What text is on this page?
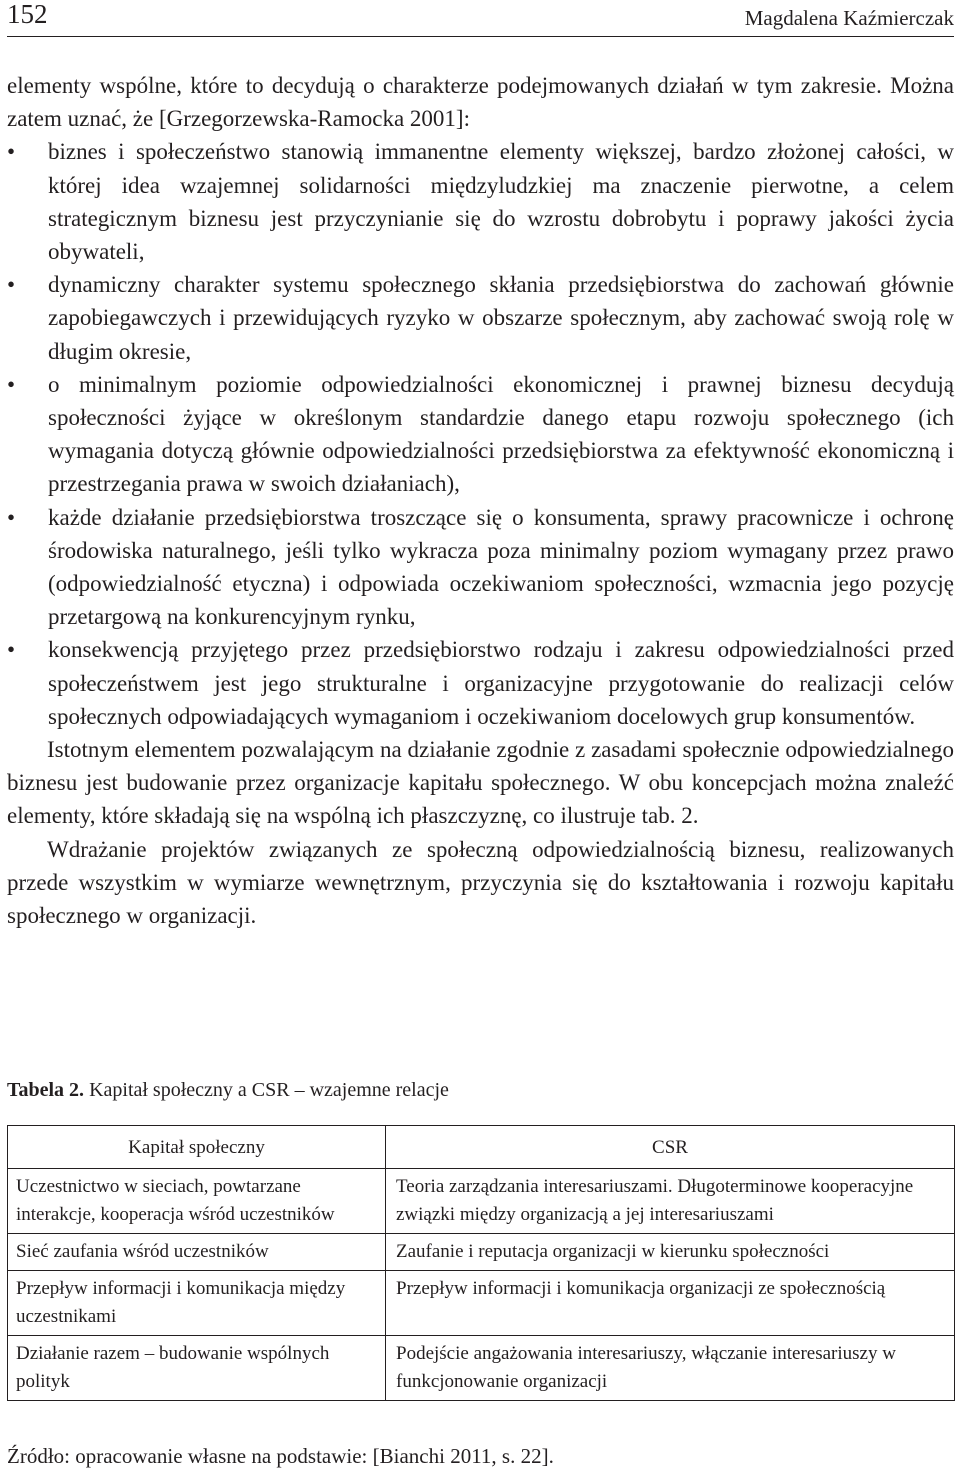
152	Magdalena Kaźmierczak

elementy wspólne, które to decydują o charakterze podejmowanych działań w tym zakresie. Można zatem uznać, że [Grzegorzewska-Ramocka 2001]:

• biznes i społeczeństwo stanowią immanentne elementy większej, bardzo złożonej całości, w której idea wzajemnej solidarności międzyludzkiej ma znaczenie pierwotne, a celem strategicznym biznesu jest przyczynianie się do wzrostu dobrobytu i poprawy jakości życia obywateli,
• dynamiczny charakter systemu społecznego skłania przedsiębiorstwa do zachowań głównie zapobiegawczych i przewidujących ryzyko w obszarze społecznym, aby zachować swoją rolę w długim okresie,
• o minimalnym poziomie odpowiedzialności ekonomicznej i prawnej biznesu decydują społeczności żyjące w określonym standardzie danego etapu rozwoju społecznego (ich wymagania dotyczą głównie odpowiedzialności przedsiębiorstwa za efektywność ekonomiczną i przestrzegania prawa w swoich działaniach),
• każde działanie przedsiębiorstwa troszczące się o konsumenta, sprawy pracownicze i ochronę środowiska naturalnego, jeśli tylko wykracza poza minimalny poziom wymagany przez prawo (odpowiedzialność etyczna) i odpowiada oczekiwaniom społeczności, wzmacnia jego pozycję przetargową na konkurencyjnym rynku,
• konsekwencją przyjętego przez przedsiębiorstwo rodzaju i zakresu odpowiedzialności przed społeczeństwem jest jego strukturalne i organizacyjne przygotowanie do realizacji celów społecznych odpowiadających wymaganiom i oczekiwaniom docelowych grup konsumentów.

Istotnym elementem pozwalającym na działanie zgodnie z zasadami społecznie odpowiedzialnego biznesu jest budowanie przez organizacje kapitału społecznego. W obu koncepcjach można znaleźć elementy, które składają się na wspólną ich płaszczyznę, co ilustruje tab. 2.

Wdrażanie projektów związanych ze społeczną odpowiedzialnością biznesu, realizowanych przede wszystkim w wymiarze wewnętrznym, przyczynia się do kształtowania i rozwoju kapitału społecznego w organizacji.

Tabela 2. Kapitał społeczny a CSR – wzajemne relacje
Kapitał społeczny	CSR
Uczestnictwo w sieciach, powtarzane interakcje, kooperacja wśród uczestników	Teoria zarządzania interesariuszami. Długoterminowe kooperacyjne związki między organizacją a jej interesariuszami
Sieć zaufania wśród uczestników	Zaufanie i reputacja organizacji w kierunku społeczności
Przepływ informacji i komunikacja między uczestnikami	Przepływ informacji i komunikacja organizacji ze społecznością
Działanie razem – budowanie wspólnych polityk	Podejście angażowania interesariuszy, włączanie interesariuszy w funkcjonowanie organizacji
Źródło: opracowanie własne na podstawie: [Bianchi 2011, s. 22].
